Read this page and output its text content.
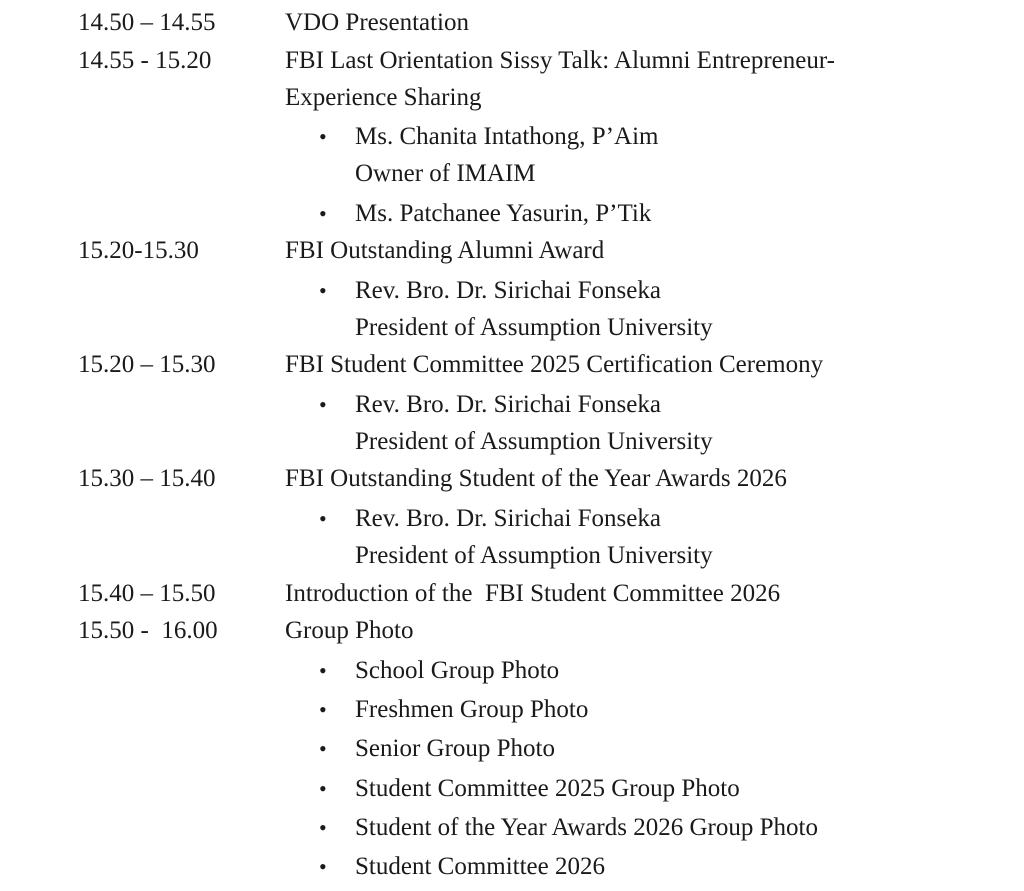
14.50 – 14.55	VDO Presentation
14.55 - 15.20	FBI Last Orientation Sissy Talk: Alumni Entrepreneur-
Experience Sharing
• Ms. Chanita Intathong, P’Aim
Owner of IMAIM
• Ms. Patchanee Yasurin, P’Tik
15.20-15.30	FBI Outstanding Alumni Award
• Rev. Bro. Dr. Sirichai Fonseka
President of Assumption University
15.20 – 15.30	FBI Student Committee 2025 Certification Ceremony
• Rev. Bro. Dr. Sirichai Fonseka
President of Assumption University
15.30 – 15.40	FBI Outstanding Student of the Year Awards 2026
• Rev. Bro. Dr. Sirichai Fonseka
President of Assumption University
15.40 – 15.50	Introduction of the  FBI Student Committee 2026
15.50 -  16.00	Group Photo
• School Group Photo
• Freshmen Group Photo
• Senior Group Photo
• Student Committee 2025 Group Photo
• Student of the Year Awards 2026 Group Photo
• Student Committee 2026
